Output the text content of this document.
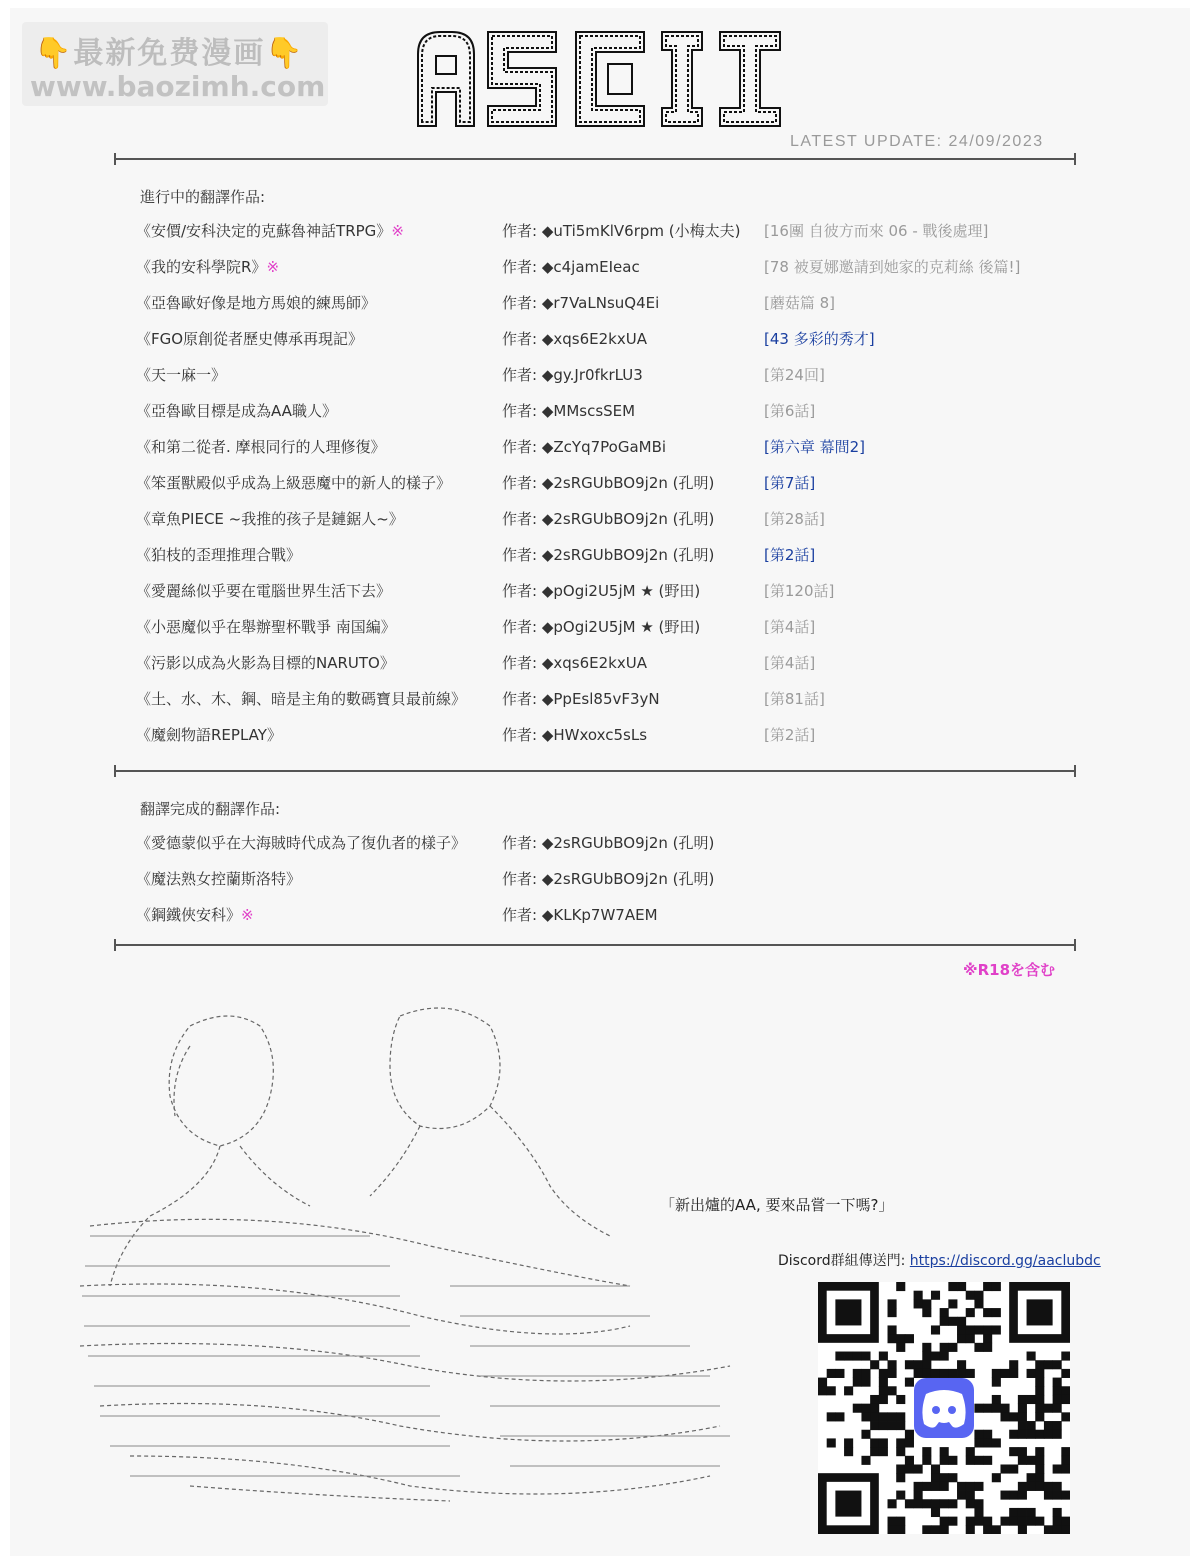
👇最新免费漫画👇
www.baozimh.com
LATEST UPDATE: 24/09/2023
進行中的翻譯作品:
《安價/安科決定的克蘇魯神話TRPG》※	作者: ◆uTi5mKlV6rpm (小梅太夫) [16團 自彼方而來 06 - 戰後處理]
《我的安科學院R》※	作者: ◆c4jamEIeac	[78 被夏娜邀請到她家的克莉絲 後篇!]
《亞魯歐好像是地方馬娘的練馬師》	作者: ◆r7VaLNsuQ4Ei	[蘑菇篇 8]
《FGO原創從者歷史傳承再現記》	作者: ◆xqs6E2kxUA	[43 多彩的秀才]
《天一麻一》	作者: ◆gy.Jr0fkrLU3	[第24回]
《亞魯歐目標是成為AA職人》	作者: ◆MMscsSEM	[第6話]
《和第二從者. 摩根同行的人理修復》	作者: ◆ZcYq7PoGaMBi	[第六章 幕間2]
《笨蛋獸殿似乎成為上級惡魔中的新人的樣子》	作者: ◆2sRGUbBO9j2n (孔明)	[第7話]
《章魚PIECE ~我推的孩子是鏈鋸人~》	作者: ◆2sRGUbBO9j2n (孔明)	[第28話]
《狛枝的歪理推理合戰》	作者: ◆2sRGUbBO9j2n (孔明)	[第2話]
《愛麗絲似乎要在電腦世界生活下去》	作者: ◆pOgi2U5jM ★ (野田)	[第120話]
《小惡魔似乎在舉辦聖杯戰爭 南国編》	作者: ◆pOgi2U5jM ★ (野田)	[第4話]
《污影以成為火影為目標的NARUTO》	作者: ◆xqs6E2kxUA	[第4話]
《土、水、木、鋼、暗是主角的數碼寶貝最前線》 作者: ◆PpEsl85vF3yN	[第81話]
《魔劍物語REPLAY》	作者: ◆HWxoxc5sLs	[第2話]
翻譯完成的翻譯作品:
《愛德蒙似乎在大海賊時代成為了復仇者的樣子》 作者: ◆2sRGUbBO9j2n (孔明)
《魔法熟女控蘭斯洛特》	作者: ◆2sRGUbBO9j2n (孔明)
《鋼鐵俠安科》※	作者: ◆KLKp7W7AEM
※R18を含む
「新出爐的AA, 要來品嘗一下嗎?」
Discord群組傳送門: https://discord.gg/aaclubdc
